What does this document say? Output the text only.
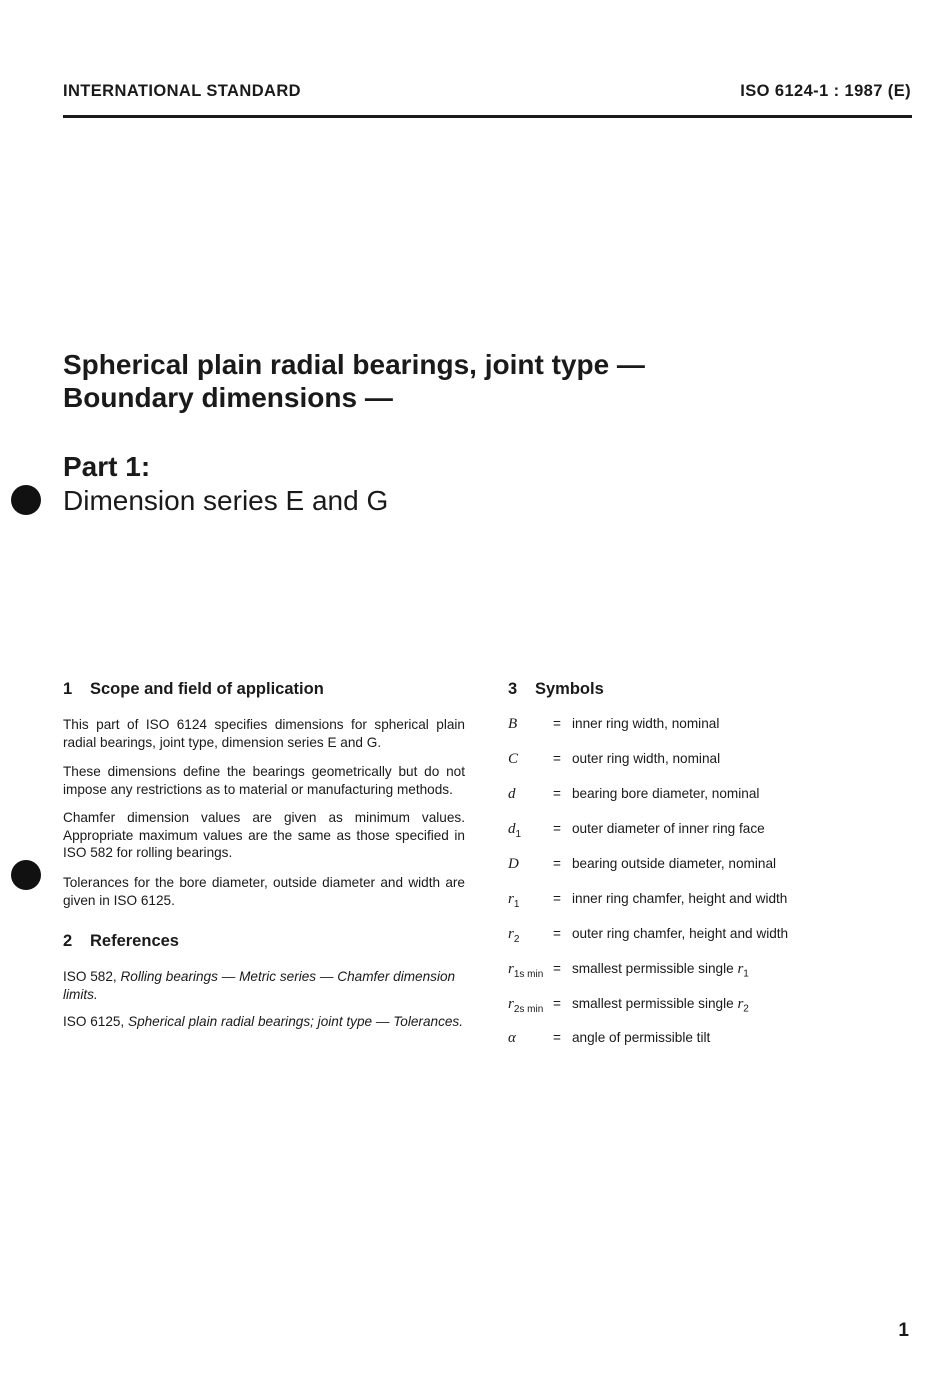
INTERNATIONAL STANDARD	ISO 6124-1 : 1987 (E)
Spherical plain radial bearings, joint type —
Boundary dimensions —
Part 1:
Dimension series E and G
1 Scope and field of application
This part of ISO 6124 specifies dimensions for spherical plain radial bearings, joint type, dimension series E and G.
These dimensions define the bearings geometrically but do not impose any restrictions as to material or manufacturing methods.
Chamfer dimension values are given as minimum values. Appropriate maximum values are the same as those specified in ISO 582 for rolling bearings.
Tolerances for the bore diameter, outside diameter and width are given in ISO 6125.
2 References
ISO 582, Rolling bearings — Metric series — Chamfer dimension limits.
ISO 6125, Spherical plain radial bearings; joint type — Tolerances.
3 Symbols
B	= inner ring width, nominal
C	= outer ring width, nominal
d	= bearing bore diameter, nominal
$d_1$ = outer diameter of inner ring face
D	= bearing outside diameter, nominal
$r_1$ = inner ring chamfer, height and width
$r_2$ = outer ring chamfer, height and width
$r_{1s min}$ = smallest permissible single $r_1$
$r_{2s min}$ = smallest permissible single $r_2$
α	= angle of permissible tilt
1
